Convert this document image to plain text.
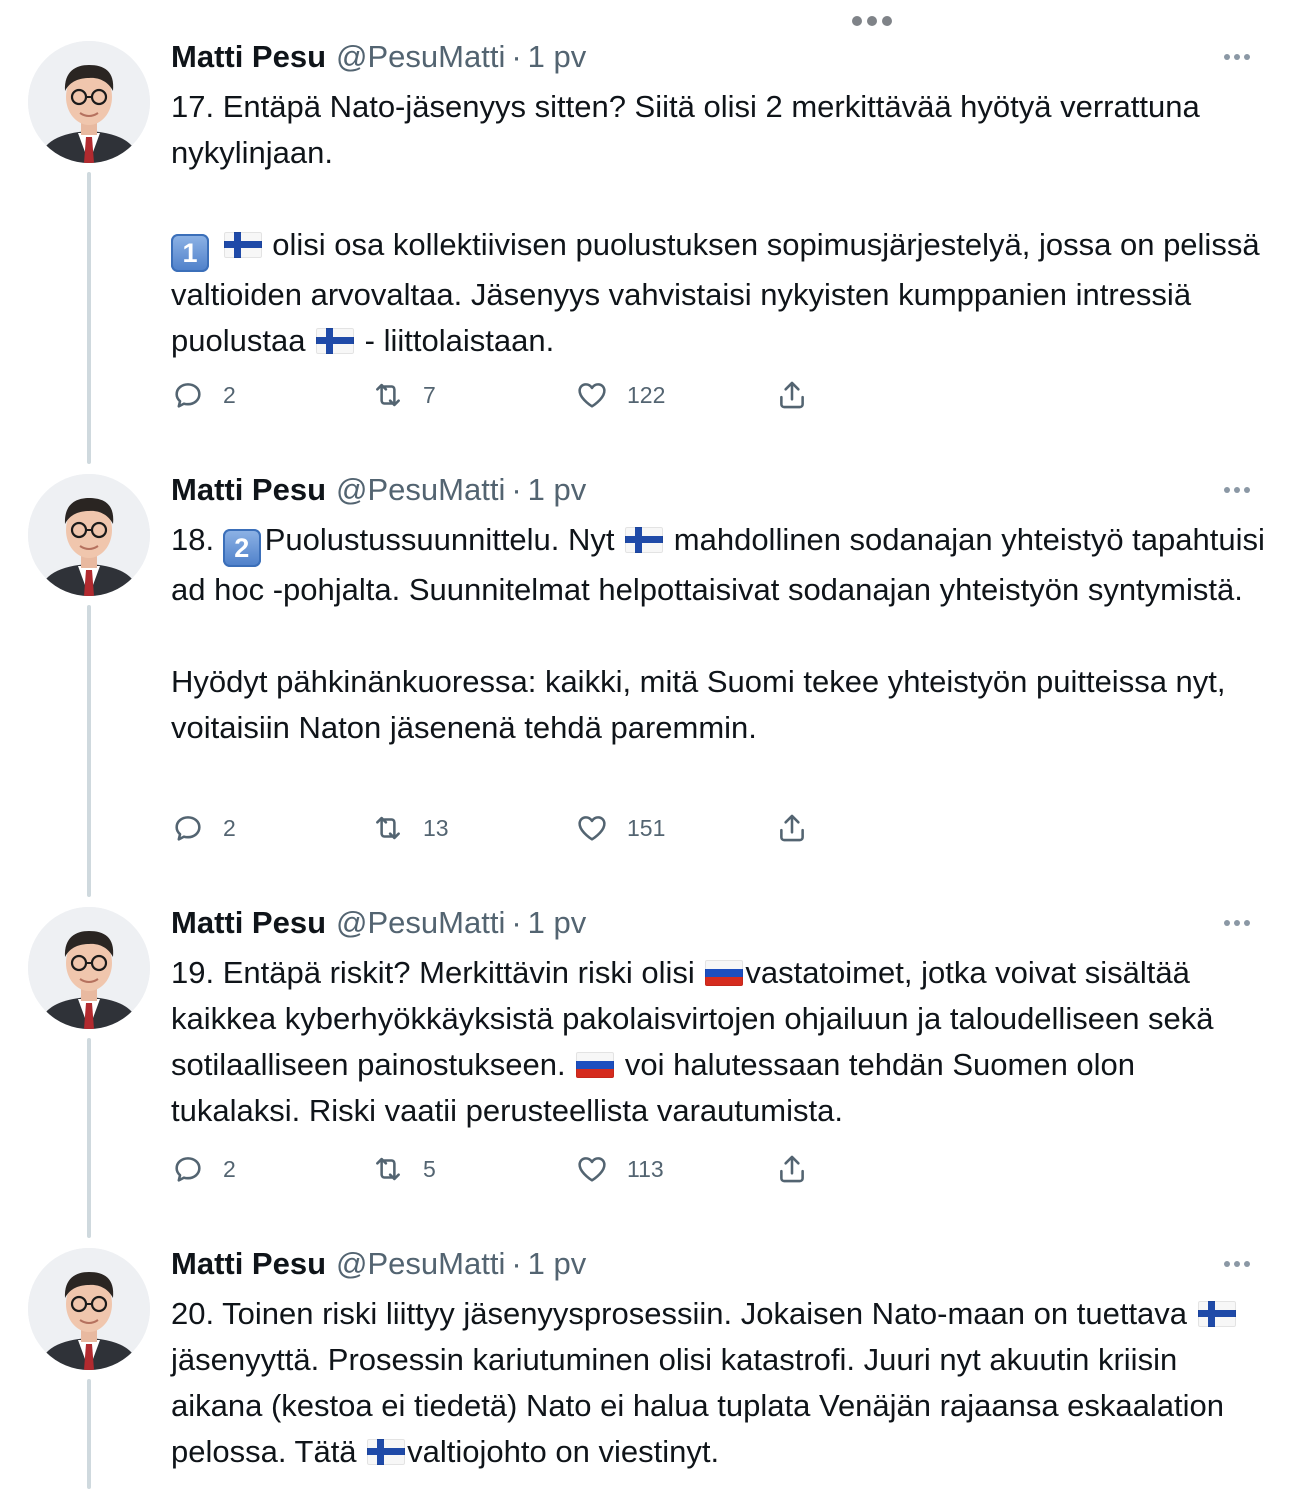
Matti Pesu @PesuMatti · 1 pv

17. Entäpä Nato-jäsenyys sitten? Siitä olisi 2 merkittävää hyötyä verrattuna nykylinjaan.

1  olisi osa kollektiivisen puolustuksen sopimusjärjestelyä, jossa on pelissä valtioiden arvovaltaa. Jäsenyys vahvistaisi nykyisten kumppanien intressiä puolustaa  - liittolaistaan.

2	7	122
Matti Pesu @PesuMatti · 1 pv

18. 2 Puolustussuunnittelu. Nyt  mahdollinen sodanajan yhteistyö tapahtuisi ad hoc -pohjalta. Suunnitelmat helpottaisivat sodanajan yhteistyön syntymistä.

Hyödyt pähkinänkuoressa: kaikki, mitä Suomi tekee yhteistyön puitteissa nyt, voitaisiin Naton jäsenenä tehdä paremmin.

2	13	151
Matti Pesu @PesuMatti · 1 pv

19. Entäpä riskit? Merkittävin riski olisi vastatoimet, jotka voivat sisältää kaikkea kyberhyökkäyksistä pakolaisvirtojen ohjailuun ja taloudelliseen sekä sotilaalliseen painostukseen.  voi halutessaan tehdän Suomen olon tukalaksi. Riski vaatii perusteellista varautumista.

2	5	113
Matti Pesu @PesuMatti · 1 pv

20. Toinen riski liittyy jäsenyysprosessiin. Jokaisen Nato-maan on tuettava  jäsenyyttä. Prosessin kariutuminen olisi katastrofi. Juuri nyt akuutin kriisin aikana (kestoa ei tiedetä) Nato ei halua tuplata Venäjän rajaansa eskaalation pelossa. Tätä valtiojohto on viestinyt.
